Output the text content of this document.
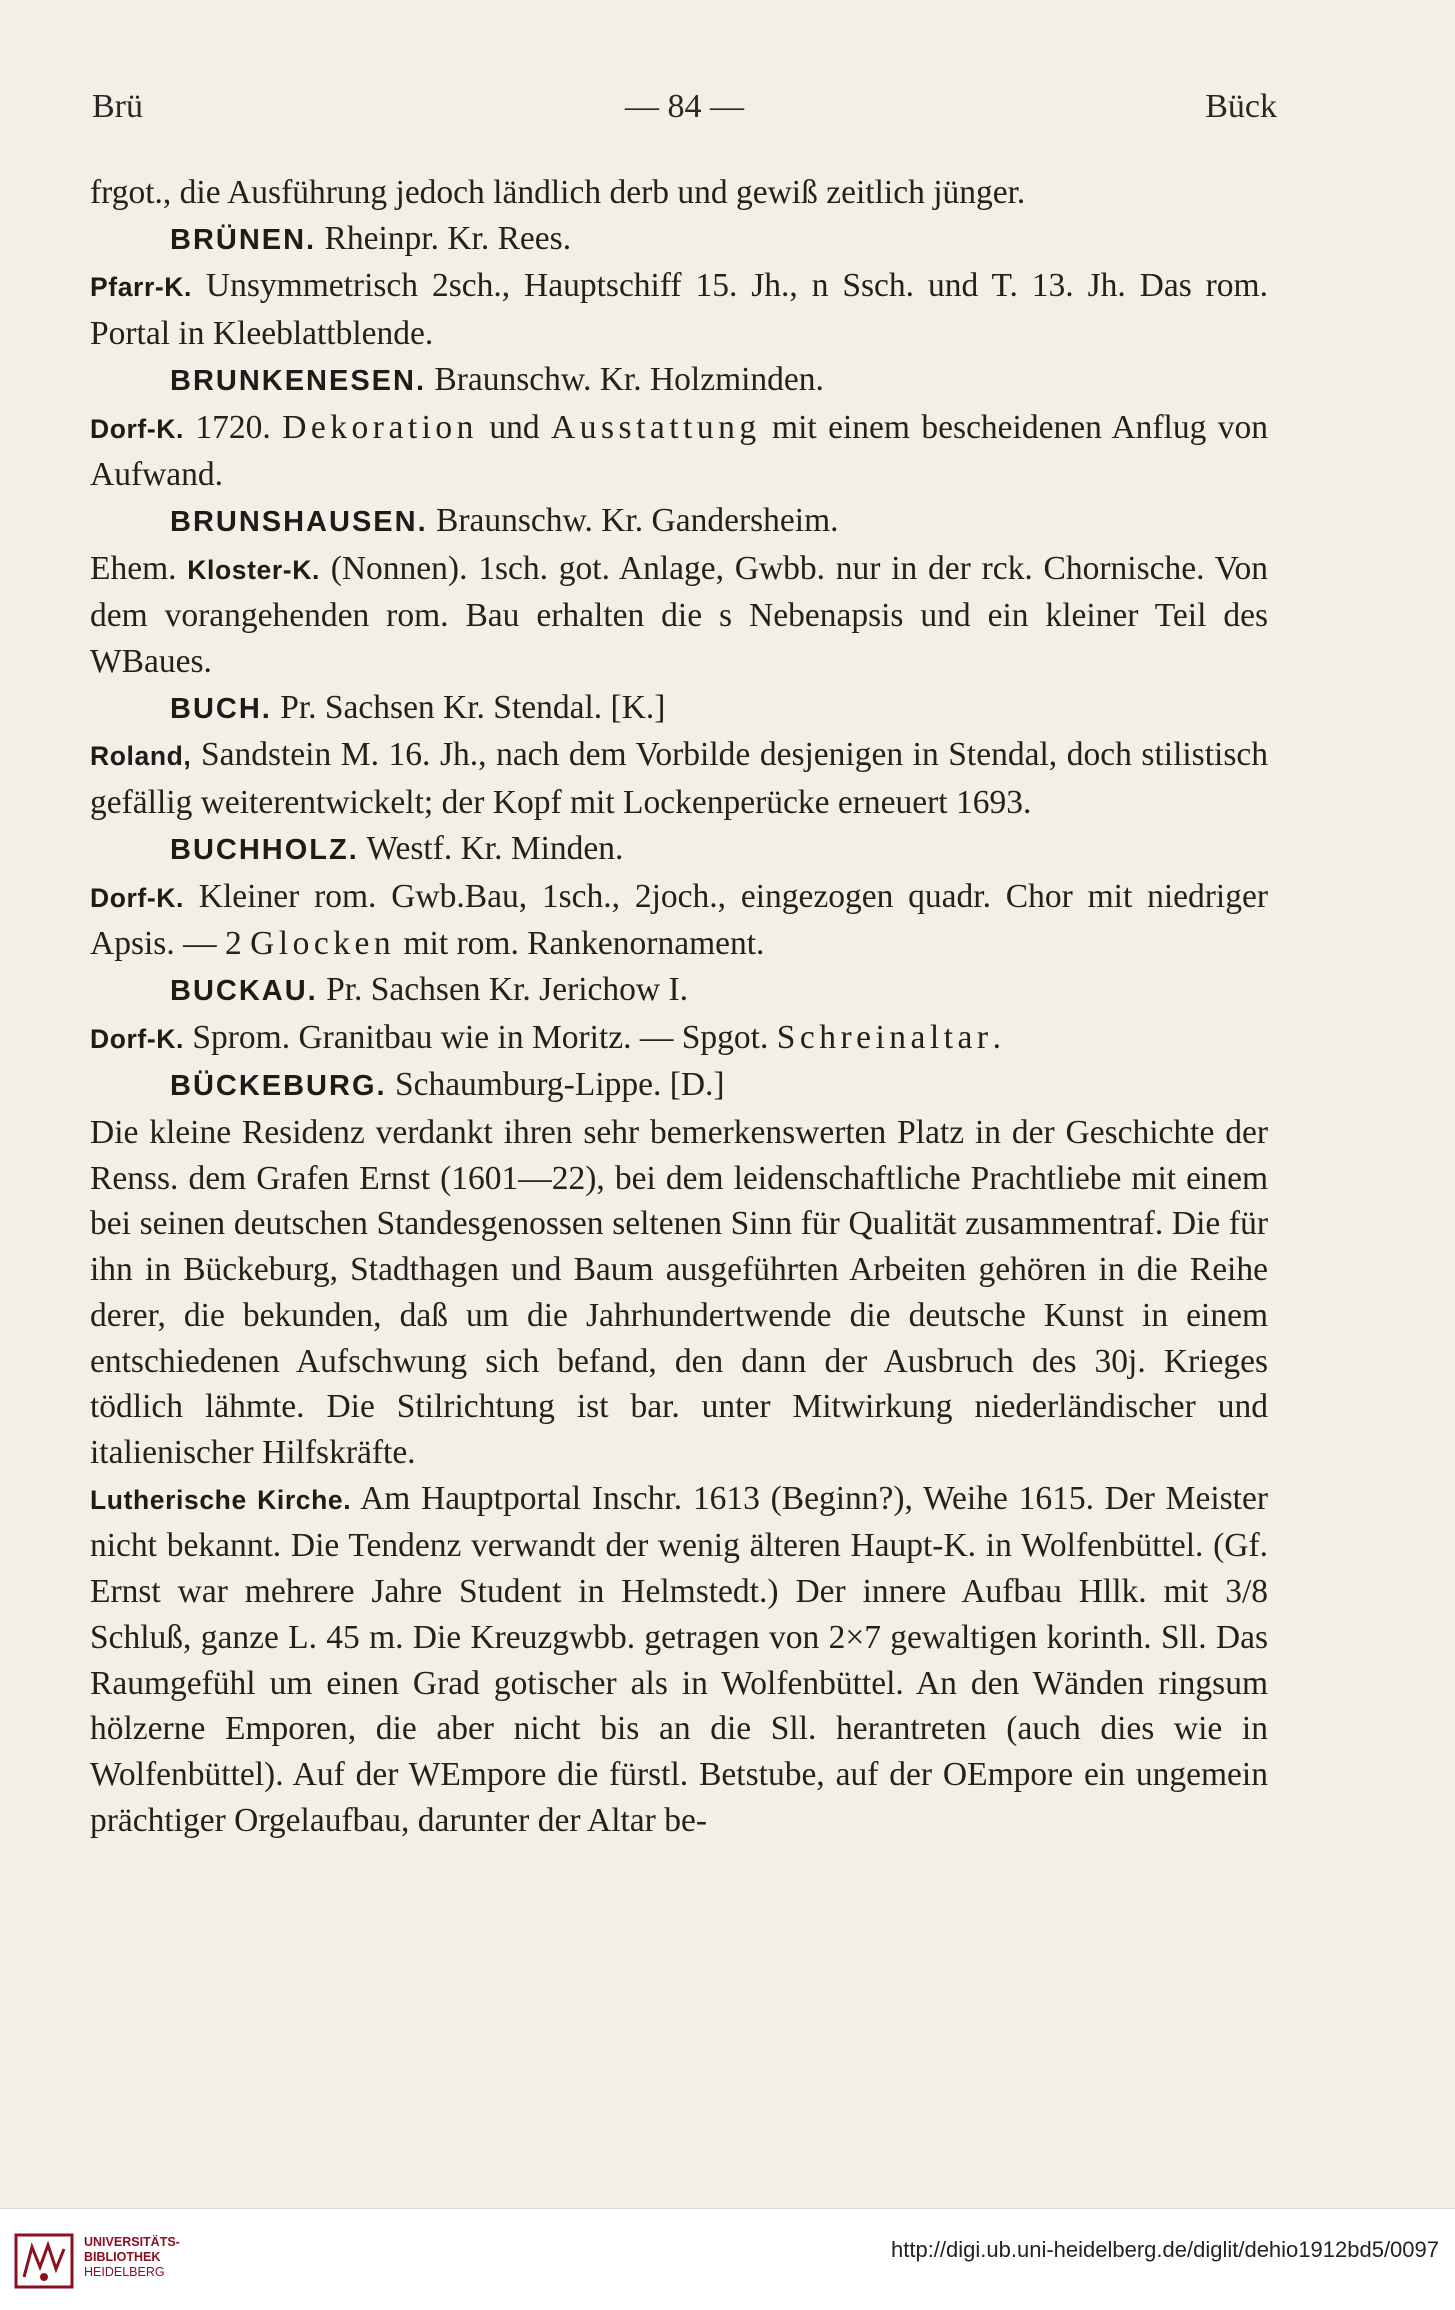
Brü	— 84 —	Bück

frgot., die Ausführung jedoch ländlich derb und gewiß zeitlich jünger.

BRÜNEN. Rheinpr. Kr. Rees.

Pfarr-K. Unsymmetrisch 2sch., Hauptschiff 15. Jh., n Ssch. und T. 13. Jh. Das rom. Portal in Kleeblattblende.

BRUNKENESEN. Braunschw. Kr. Holzminden.

Dorf-K. 1720. Dekoration und Ausstattung mit einem bescheidenen Anflug von Aufwand.

BRUNSHAUSEN. Braunschw. Kr. Gandersheim.

Ehem. Kloster-K. (Nonnen). 1sch. got. Anlage, Gwbb. nur in der rck. Chornische. Von dem vorangehenden rom. Bau erhalten die s Nebenapsis und ein kleiner Teil des WBaues.

BUCH. Pr. Sachsen Kr. Stendal. [K.]

Roland, Sandstein M. 16. Jh., nach dem Vorbilde desjenigen in Stendal, doch stilistisch gefällig weiterentwickelt; der Kopf mit Lockenperücke erneuert 1693.

BUCHHOLZ. Westf. Kr. Minden.

Dorf-K. Kleiner rom. Gwb.Bau, 1sch., 2joch., eingezogen quadr. Chor mit niedriger Apsis. — 2 Glocken mit rom. Rankenornament.

BUCKAU. Pr. Sachsen Kr. Jerichow I.

Dorf-K. Sprom. Granitbau wie in Moritz. — Spgot. Schreinaltar.

BÜCKEBURG. Schaumburg-Lippe. [D.]

Die kleine Residenz verdankt ihren sehr bemerkenswerten Platz in der Geschichte der Renss. dem Grafen Ernst (1601—22), bei dem leidenschaftliche Prachtliebe mit einem bei seinen deutschen Standesgenossen seltenen Sinn für Qualität zusammentraf. Die für ihn in Bückeburg, Stadthagen und Baum ausgeführten Arbeiten gehören in die Reihe derer, die bekunden, daß um die Jahrhundertwende die deutsche Kunst in einem entschiedenen Aufschwung sich befand, den dann der Ausbruch des 30j. Krieges tödlich lähmte. Die Stilrichtung ist bar. unter Mitwirkung niederländischer und italienischer Hilfskräfte.

Lutherische Kirche. Am Hauptportal Inschr. 1613 (Beginn?), Weihe 1615. Der Meister nicht bekannt. Die Tendenz verwandt der wenig älteren Haupt-K. in Wolfenbüttel. (Gf. Ernst war mehrere Jahre Student in Helmstedt.) Der innere Aufbau Hllk. mit 3/8 Schluß, ganze L. 45 m. Die Kreuzgwbb. getragen von 2×7 gewaltigen korinth. Sll. Das Raumgefühl um einen Grad gotischer als in Wolfenbüttel. An den Wänden ringsum hölzerne Emporen, die aber nicht bis an die Sll. herantreten (auch dies wie in Wolfenbüttel). Auf der WEmpore die fürstl. Betstube, auf der OEmpore ein ungemein prächtiger Orgelaufbau, darunter der Altar be-

UNIVERSITÄTS-
BIBLIOTHEK
HEIDELBERG
http://digi.ub.uni-heidelberg.de/diglit/dehio1912bd5/0097
